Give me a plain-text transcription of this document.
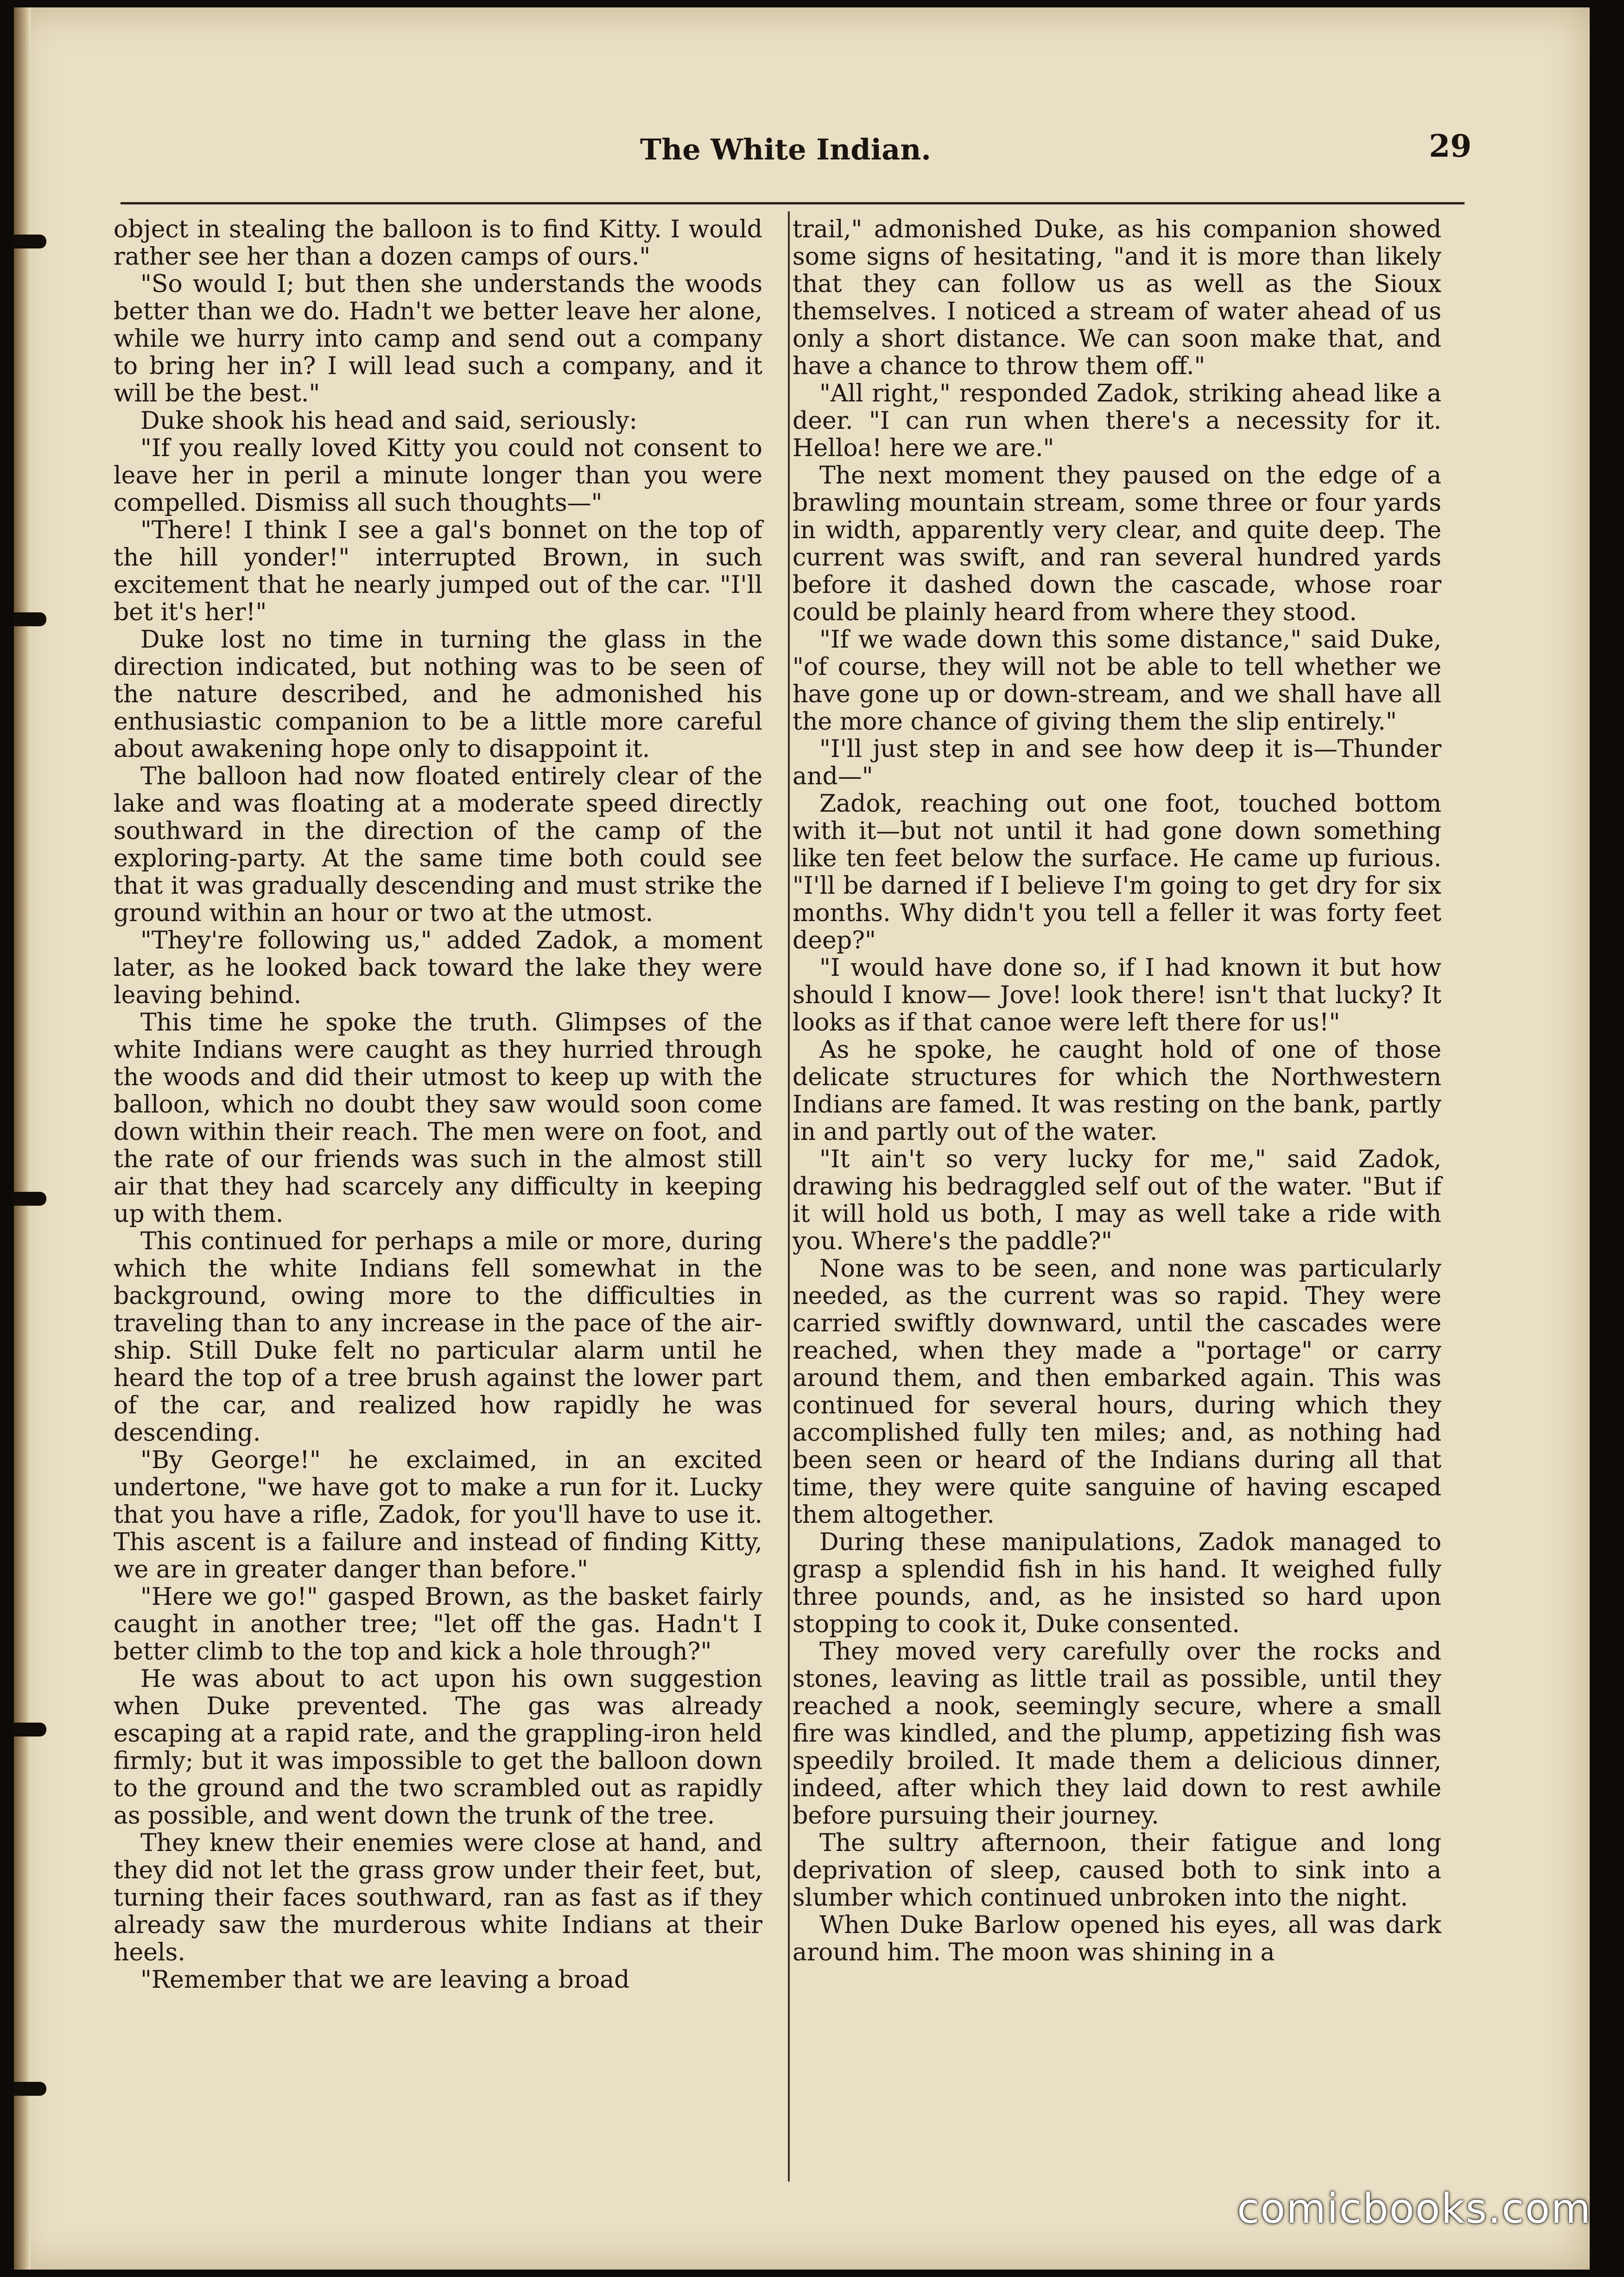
The White Indian.	29

object in stealing the balloon is to find Kitty. I would rather see her than a dozen camps of ours."

"So would I; but then she understands the woods better than we do. Hadn't we better leave her alone, while we hurry into camp and send out a company to bring her in? I will lead such a company, and it will be the best."

Duke shook his head and said, seriously:

"If you really loved Kitty you could not consent to leave her in peril a minute longer than you were compelled. Dismiss all such thoughts—"

"There! I think I see a gal's bonnet on the top of the hill yonder!" interrupted Brown, in such excitement that he nearly jumped out of the car. "I'll bet it's her!"

Duke lost no time in turning the glass in the direction indicated, but nothing was to be seen of the nature described, and he admonished his enthusiastic companion to be a little more careful about awakening hope only to disappoint it.

The balloon had now floated entirely clear of the lake and was floating at a moderate speed directly southward in the direction of the camp of the exploring-party. At the same time both could see that it was gradually descending and must strike the ground within an hour or two at the utmost.

"They're following us," added Zadok, a moment later, as he looked back toward the lake they were leaving behind.

This time he spoke the truth. Glimpses of the white Indians were caught as they hurried through the woods and did their utmost to keep up with the balloon, which no doubt they saw would soon come down within their reach. The men were on foot, and the rate of our friends was such in the almost still air that they had scarcely any difficulty in keeping up with them.

This continued for perhaps a mile or more, during which the white Indians fell somewhat in the background, owing more to the difficulties in traveling than to any increase in the pace of the air-ship. Still Duke felt no particular alarm until he heard the top of a tree brush against the lower part of the car, and realized how rapidly he was descending.

"By George!" he exclaimed, in an excited undertone, "we have got to make a run for it. Lucky that you have a rifle, Zadok, for you'll have to use it. This ascent is a failure and instead of finding Kitty, we are in greater danger than before."

"Here we go!" gasped Brown, as the basket fairly caught in another tree; "let off the gas. Hadn't I better climb to the top and kick a hole through?"

He was about to act upon his own suggestion when Duke prevented. The gas was already escaping at a rapid rate, and the grappling-iron held firmly; but it was impossible to get the balloon down to the ground and the two scrambled out as rapidly as possible, and went down the trunk of the tree.

They knew their enemies were close at hand, and they did not let the grass grow under their feet, but, turning their faces southward, ran as fast as if they already saw the murderous white Indians at their heels.

"Remember that we are leaving a broad

trail," admonished Duke, as his companion showed some signs of hesitating, "and it is more than likely that they can follow us as well as the Sioux themselves. I noticed a stream of water ahead of us only a short distance. We can soon make that, and have a chance to throw them off."

"All right," responded Zadok, striking ahead like a deer. "I can run when there's a necessity for it. Helloa! here we are."

The next moment they paused on the edge of a brawling mountain stream, some three or four yards in width, apparently very clear, and quite deep. The current was swift, and ran several hundred yards before it dashed down the cascade, whose roar could be plainly heard from where they stood.

"If we wade down this some distance," said Duke, "of course, they will not be able to tell whether we have gone up or down-stream, and we shall have all the more chance of giving them the slip entirely."

"I'll just step in and see how deep it is—Thunder and—"

Zadok, reaching out one foot, touched bottom with it—but not until it had gone down something like ten feet below the surface. He came up furious. "I'll be darned if I believe I'm going to get dry for six months. Why didn't you tell a feller it was forty feet deep?"

"I would have done so, if I had known it but how should I know— Jove! look there! isn't that lucky? It looks as if that canoe were left there for us!"

As he spoke, he caught hold of one of those delicate structures for which the Northwestern Indians are famed. It was resting on the bank, partly in and partly out of the water.

"It ain't so very lucky for me," said Zadok, drawing his bedraggled self out of the water. "But if it will hold us both, I may as well take a ride with you. Where's the paddle?"

None was to be seen, and none was particularly needed, as the current was so rapid. They were carried swiftly downward, until the cascades were reached, when they made a "portage" or carry around them, and then embarked again. This was continued for several hours, during which they accomplished fully ten miles; and, as nothing had been seen or heard of the Indians during all that time, they were quite sanguine of having escaped them altogether.

During these manipulations, Zadok managed to grasp a splendid fish in his hand. It weighed fully three pounds, and, as he insisted so hard upon stopping to cook it, Duke consented.

They moved very carefully over the rocks and stones, leaving as little trail as possible, until they reached a nook, seemingly secure, where a small fire was kindled, and the plump, appetizing fish was speedily broiled. It made them a delicious dinner, indeed, after which they laid down to rest awhile before pursuing their journey.

The sultry afternoon, their fatigue and long deprivation of sleep, caused both to sink into a slumber which continued unbroken into the night.

When Duke Barlow opened his eyes, all was dark around him. The moon was shining in a

comicbooks.com
